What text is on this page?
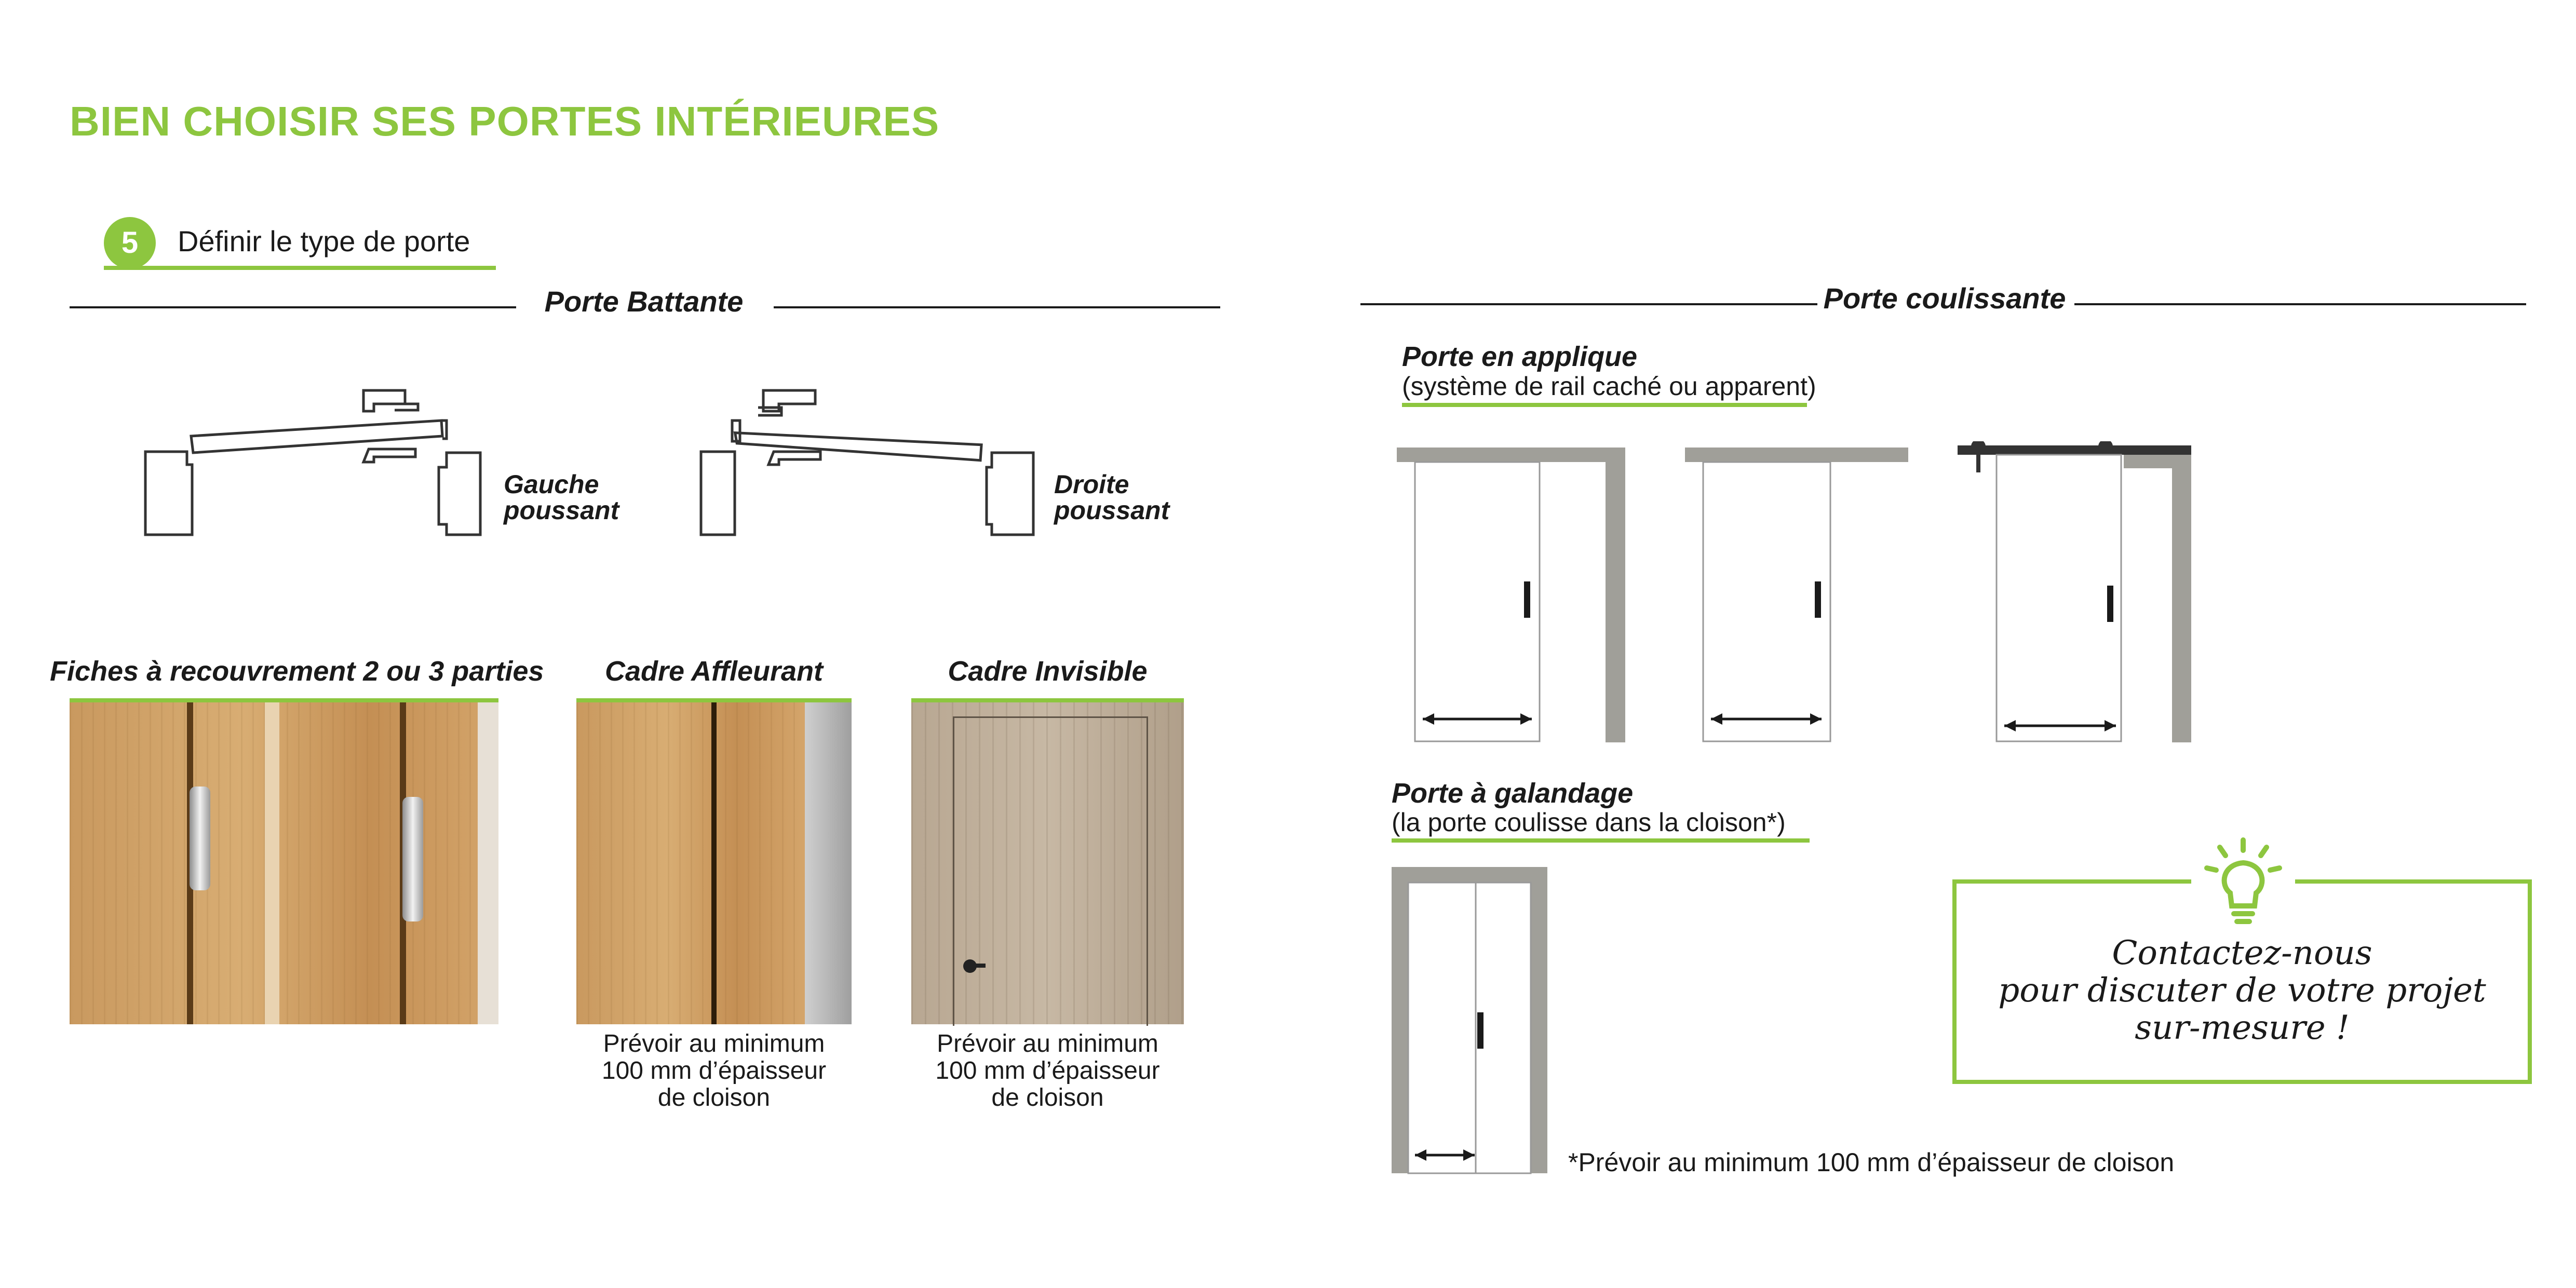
BIEN CHOISIR SES PORTES INTÉRIEURES
5	Définir le type de porte
Porte Battante
Gauche
poussant
Droite
poussant
Fiches à recouvrement 2 ou 3 parties	Cadre Affleurant
Prévoir au minimum
100 mm d’épaisseur
de cloison
Cadre Invisible
Prévoir au minimum
100 mm d’épaisseur
de cloison
Porte coulissante
Porte en applique
(système de rail caché ou apparent)
Porte à galandage
(la porte coulisse dans la cloison*)
*Prévoir au minimum 100 mm d’épaisseur de cloison
Contactez-nous
pour discuter de votre projet
sur-mesure !
